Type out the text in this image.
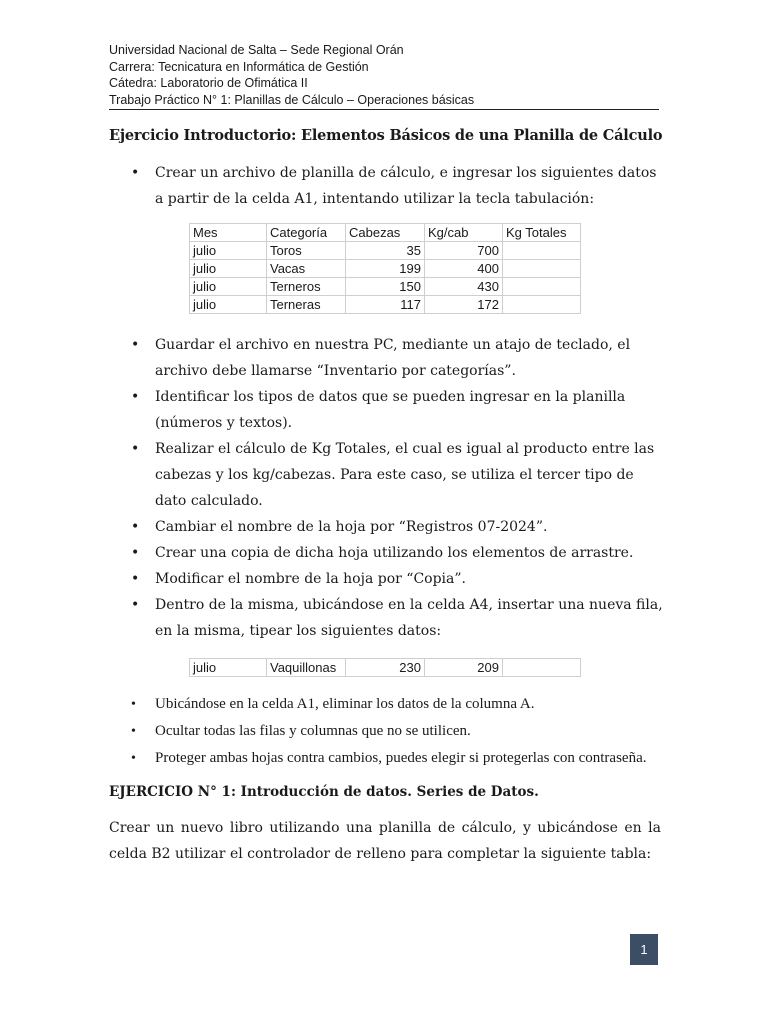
Universidad Nacional de Salta – Sede Regional Orán
Carrera: Tecnicatura en Informática de Gestión
Cátedra: Laboratorio de Ofimática II
Trabajo Práctico N° 1: Planillas de Cálculo – Operaciones básicas
Ejercicio Introductorio: Elementos Básicos de una Planilla de Cálculo
• Crear un archivo de planilla de cálculo, e ingresar los siguientes datos a partir de la celda A1, intentando utilizar la tecla tabulación:
Mes	Categoría	Cabezas	Kg/cab	Kg Totales
julio	Toros	35	700	
julio	Vacas	199	400	
julio	Terneros	150	430	
julio	Terneras	117	172	
• Guardar el archivo en nuestra PC, mediante un atajo de teclado, el archivo debe llamarse “Inventario por categorías”.
• Identificar los tipos de datos que se pueden ingresar en la planilla (números y textos).
• Realizar el cálculo de Kg Totales, el cual es igual al producto entre las cabezas y los kg/cabezas. Para este caso, se utiliza el tercer tipo de dato calculado.
• Cambiar el nombre de la hoja por “Registros 07-2024”.
• Crear una copia de dicha hoja utilizando los elementos de arrastre.
• Modificar el nombre de la hoja por “Copia”.
• Dentro de la misma, ubicándose en la celda A4, insertar una nueva fila, en la misma, tipear los siguientes datos:
julio	Vaquillonas	230	209	
• Ubicándose en la celda A1, eliminar los datos de la columna A.
• Ocultar todas las filas y columnas que no se utilicen.
• Proteger ambas hojas contra cambios, puedes elegir si protegerlas con contraseña.
EJERCICIO N° 1: Introducción de datos. Series de Datos.

Crear un nuevo libro utilizando una planilla de cálculo, y ubicándose en la celda B2 utilizar el controlador de relleno para completar la siguiente tabla:

1
